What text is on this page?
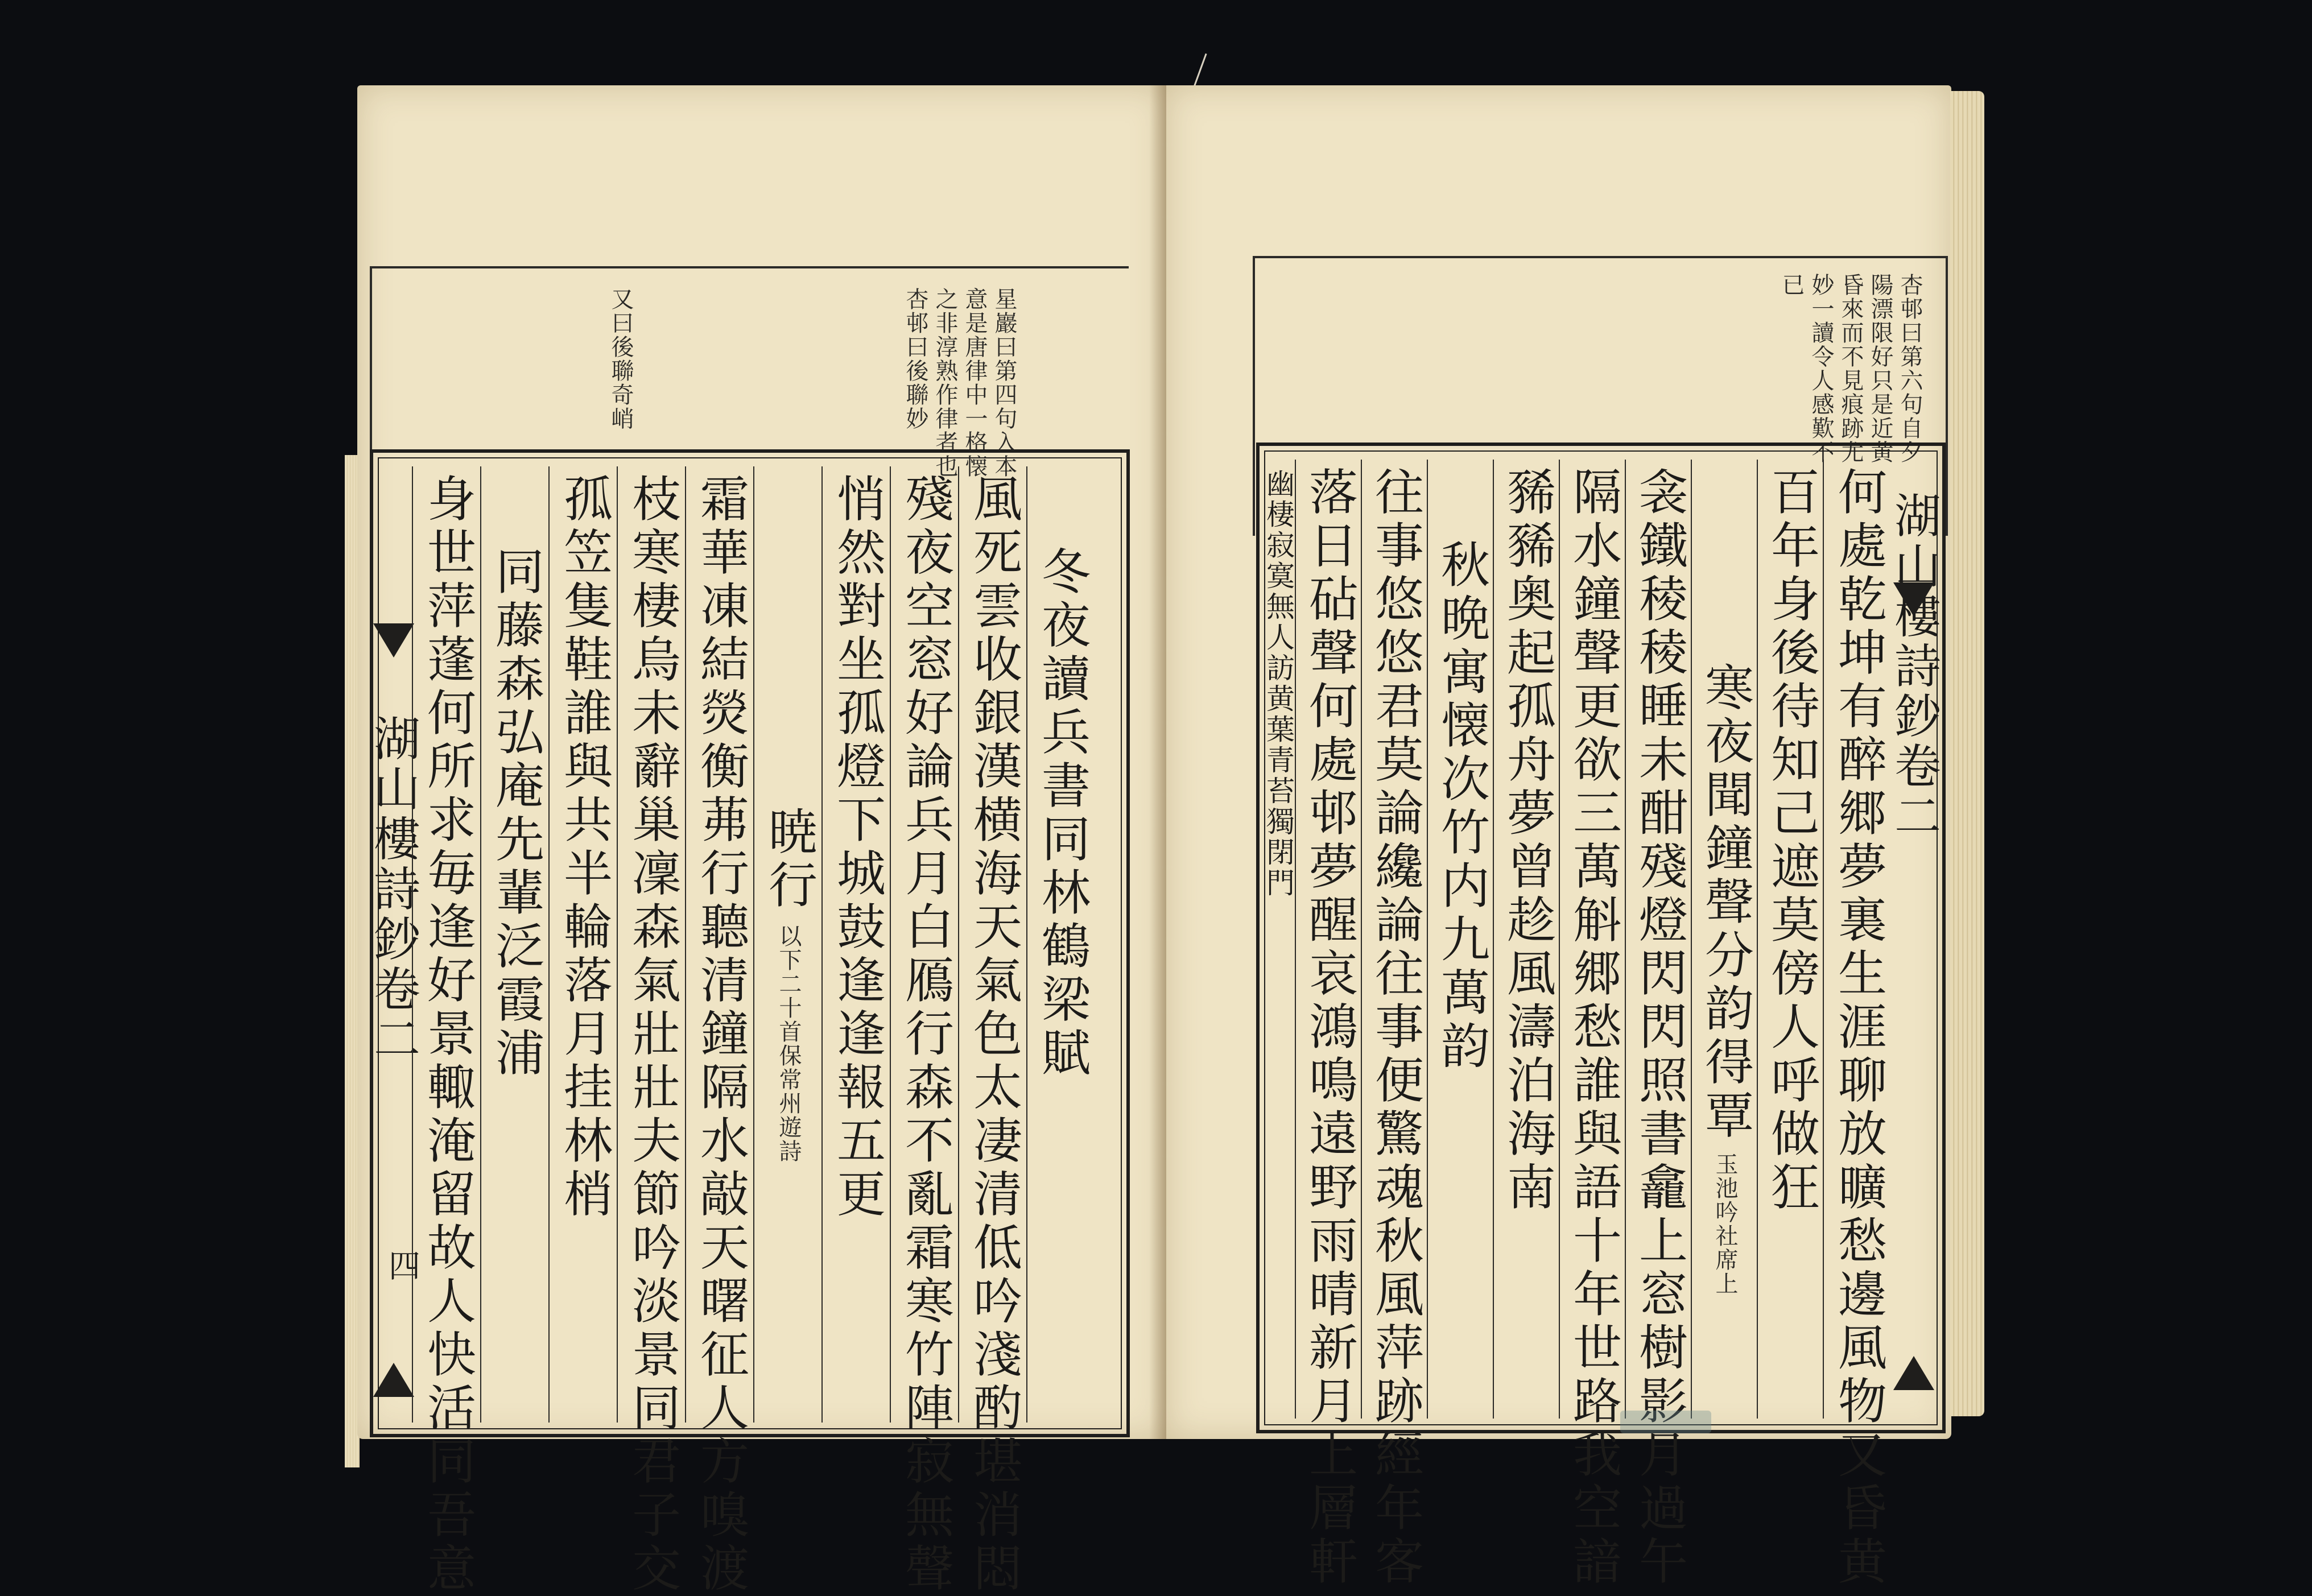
星巖曰第四句入本
意是唐律中一格懐
之非淳熟作律者也
杏邨曰後聯妙
又曰後聯奇峭
湖山樓詩鈔卷二
四
冬夜讀兵書同林鶴梁賦
風死雲收銀漢横海天氣色太凄清低吟淺酌堪消悶
殘夜空窓好論兵月白鴈行森不亂霜寒竹陣寂無聲
悄然對坐孤燈下城鼓逢逢報五更
暁行
以下二十首保常州遊詩
霜華凍結熒衡茀行聽清鐘隔水敲天曙征人方嗅渡
枝寒棲烏未辭巢凜森氣壯壯夫節吟淡景同君子交
孤笠隻鞋誰與共半輪落月挂林梢
同藤森弘庵先輩泛霞浦
身世萍蓬何所求毎逢好景輙淹留故人快活同吾意
杏邨曰第六句自夕
陽漂限好只是近黄
昏來而不見痕跡尤
妙一讀令人感歎不
已
湖山樓詩鈔卷二
何處乾坤有醉郷夢裏生涯聊放曠愁邊風物又昏黄
百年身後待知己遮莫傍人呼做狂
寒夜聞鐘聲分韵得覃
玉池吟社席上
衾鐵稜稜睡未酣殘燈閃閃照書龕上窓樹影月過午
隔水鐘聲更欲三萬斛郷愁誰與語十年世路我空諳
豨豨奥起孤舟夢曾趁風濤泊海南
秋晩寓懐次竹内九萬韵
往事悠悠君莫論纔論往事便驚魂秋風萍跡經年客
落日砧聲何處邨夢醒哀鴻鳴遠野雨晴新月上層軒
幽棲寂寞無人訪黄葉青苔獨閉門
